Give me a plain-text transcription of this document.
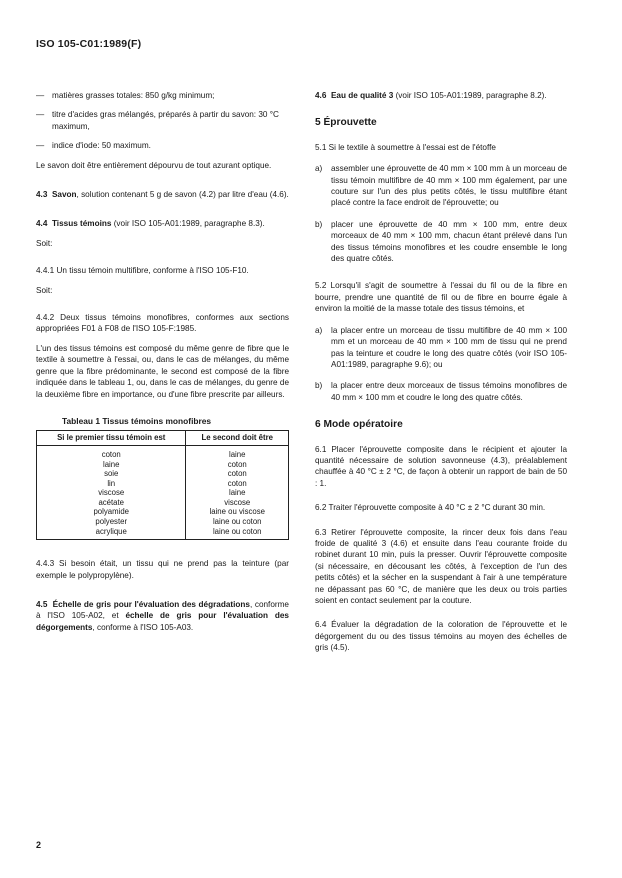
ISO 105-C01:1989(F)
— matières grasses totales: 850 g/kg minimum;
— titre d'acides gras mélangés, préparés à partir du savon: 30 °C maximum,
— indice d'iode: 50 maximum.

Le savon doit être entièrement dépourvu de tout azurant optique.

4.3 Savon, solution contenant 5 g de savon (4.2) par litre d'eau (4.6).

4.4 Tissus témoins (voir ISO 105-A01:1989, paragraphe 8.3).

Soit:

4.4.1 Un tissu témoin multifibre, conforme à l'ISO 105-F10.

Soit:

4.4.2 Deux tissus témoins monofibres, conformes aux sections appropriées F01 à F08 de l'ISO 105-F:1985.

L'un des tissus témoins est composé du même genre de fibre que le textile à soumettre à l'essai, ou, dans le cas de mélanges, du même genre que la fibre prédominante, le second est composé de la fibre indiquée dans le tableau 1, ou, dans le cas de mélanges, du genre de la deuxième fibre en importance, ou d'une fibre prescrite par ailleurs.

Tableau 1 Tissus témoins monofibres
Si le premier tissu témoin est	Le second doit être
coton	laine
laine	coton
soie	coton
lin	coton
viscose	laine
acétate	viscose
polyamide	laine ou viscose
polyester	laine ou coton
acrylique	laine ou coton

4.4.3 Si besoin était, un tissu qui ne prend pas la teinture (par exemple le polypropylène).

4.5 Échelle de gris pour l'évaluation des dégradations, conforme à l'ISO 105-A02, et échelle de gris pour l'évaluation des dégorgements, conforme à l'ISO 105-A03.

4.6 Eau de qualité 3 (voir ISO 105-A01:1989, paragraphe 8.2).

5 Éprouvette

5.1 Si le textile à soumettre à l'essai est de l'étoffe

a)	assembler une éprouvette de 40 mm × 100 mm à un morceau de tissu témoin multifibre de 40 mm × 100 mm également, par une couture sur l'un des plus petits côtés, le tissu multifibre étant placé contre la face endroit de l'éprouvette; ou

b)	placer une éprouvette de 40 mm × 100 mm, entre deux morceaux de 40 mm × 100 mm, chacun étant prélevé dans l'un des tissus témoins monofibres et les coudre ensemble le long des quatre côtés.

5.2 Lorsqu'il s'agit de soumettre à l'essai du fil ou de la fibre en bourre, prendre une quantité de fil ou de fibre en bourre égale à environ la moitié de la masse totale des tissus témoins, et

a)	la placer entre un morceau de tissu multifibre de 40 mm × 100 mm et un morceau de 40 mm × 100 mm de tissu qui ne prend pas la teinture et coudre le long des quatre côtés (voir ISO 105-A01:1989, paragraphe 9.6); ou

b)	la placer entre deux morceaux de tissus témoins monofibres de 40 mm × 100 mm et coudre le long des quatre côtés.

6 Mode opératoire

6.1 Placer l'éprouvette composite dans le récipient et ajouter la quantité nécessaire de solution savonneuse (4.3), préalablement chauffée à 40 °C ± 2 °C, de façon à obtenir un rapport de bain de 50 : 1.

6.2 Traiter l'éprouvette composite à 40 °C ± 2 °C durant 30 min.

6.3 Retirer l'éprouvette composite, la rincer deux fois dans l'eau froide de qualité 3 (4.6) et ensuite dans l'eau courante froide du robinet durant 10 min, puis la presser. Ouvrir l'éprouvette composite (si nécessaire, en décousant les côtés, à l'exception de l'un des petits côtés) et la sécher en la suspendant à l'air à une température ne dépassant pas 60 °C, de manière que les deux ou trois parties soient en contact seulement par la couture.

6.4 Évaluer la dégradation de la coloration de l'éprouvette et le dégorgement du ou des tissus témoins au moyen des échelles de gris (4.5).

2
